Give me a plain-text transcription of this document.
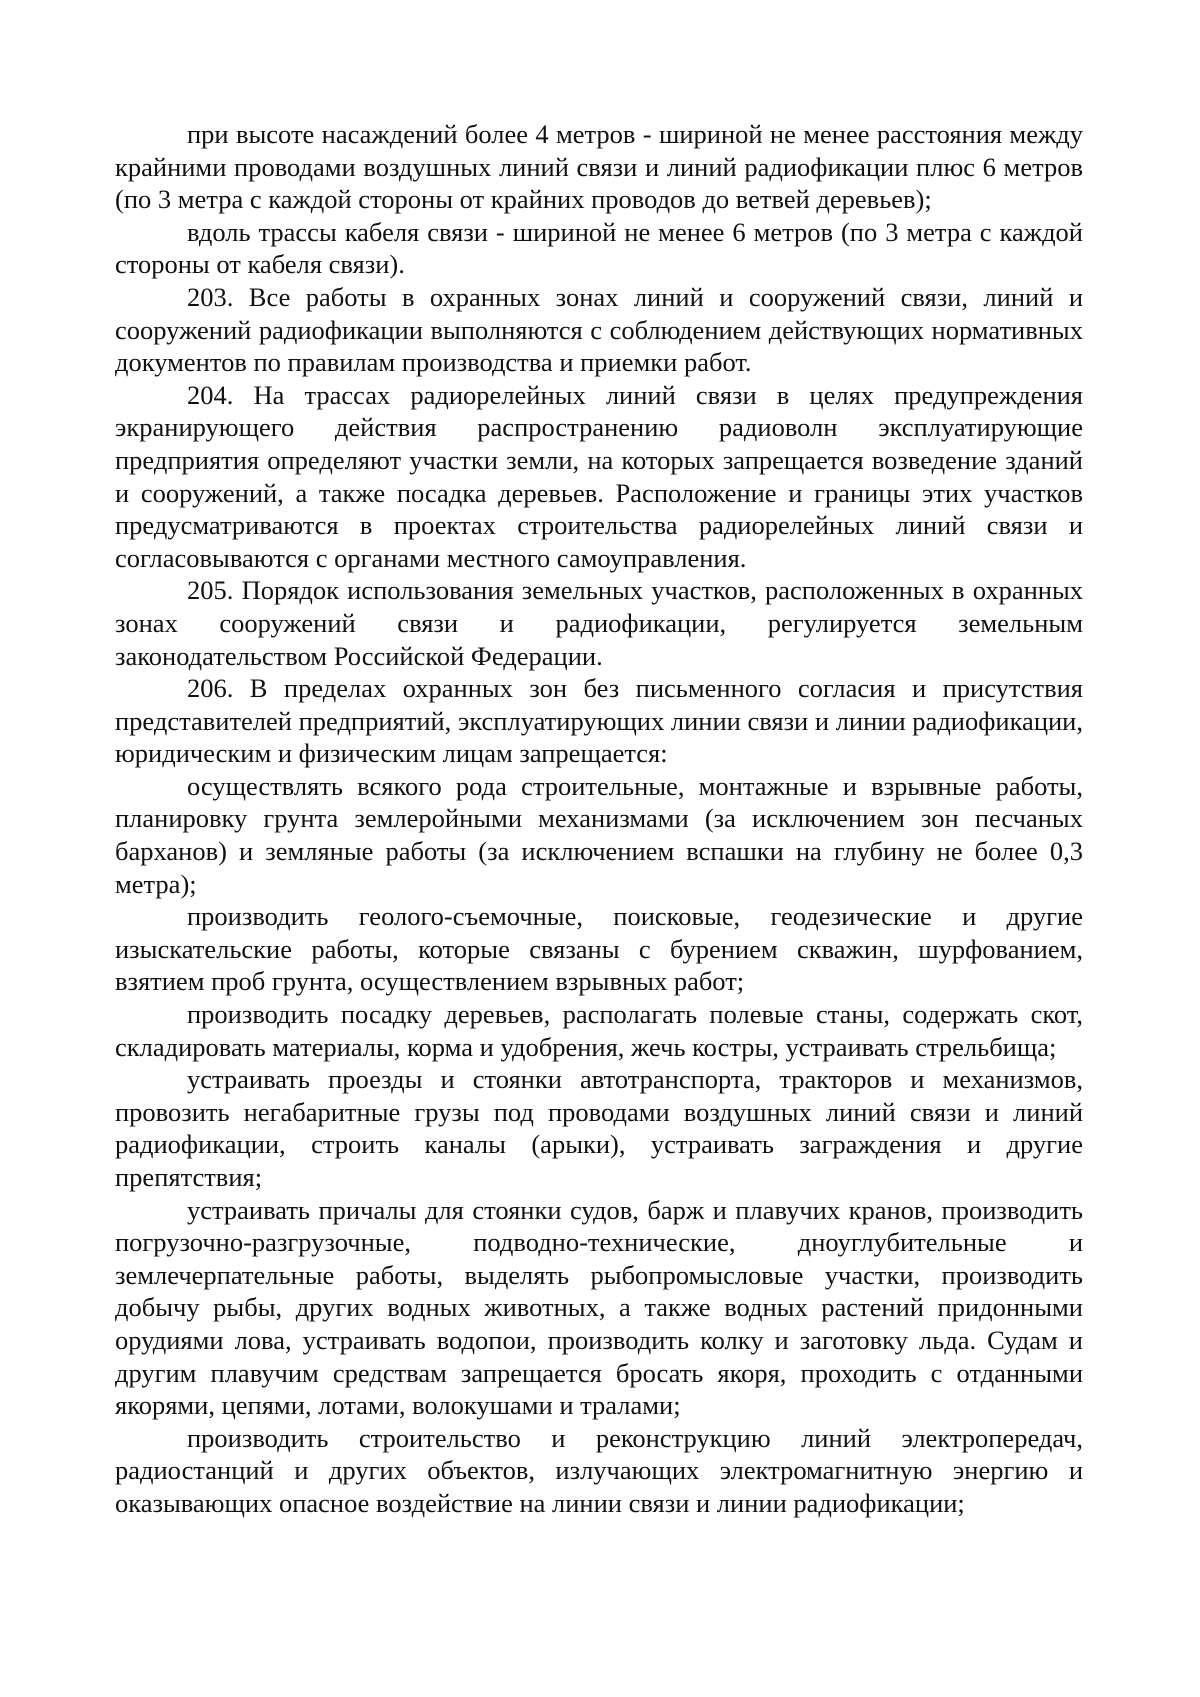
при высоте насаждений более 4 метров - шириной не менее расстояния между крайними проводами воздушных линий связи и линий радиофикации плюс 6 метров (по 3 метра с каждой стороны от крайних проводов до ветвей деревьев);

вдоль трассы кабеля связи - шириной не менее 6 метров (по 3 метра с каждой стороны от кабеля связи).

203. Все работы в охранных зонах линий и сооружений связи, линий и сооружений радиофикации выполняются с соблюдением действующих нормативных документов по правилам производства и приемки работ.

204. На трассах радиорелейных линий связи в целях предупреждения экранирующего действия распространению радиоволн эксплуатирующие предприятия определяют участки земли, на которых запрещается возведение зданий и сооружений, а также посадка деревьев. Расположение и границы этих участков предусматриваются в проектах строительства радиорелейных линий связи и согласовываются с органами местного самоуправления.

205. Порядок использования земельных участков, расположенных в охранных зонах сооружений связи и радиофикации, регулируется земельным законодательством Российской Федерации.

206. В пределах охранных зон без письменного согласия и присутствия представителей предприятий, эксплуатирующих линии связи и линии радиофикации, юридическим и физическим лицам запрещается:

осуществлять всякого рода строительные, монтажные и взрывные работы, планировку грунта землеройными механизмами (за исключением зон песчаных барханов) и земляные работы (за исключением вспашки на глубину не более 0,3 метра);

производить геолого-съемочные, поисковые, геодезические и другие изыскательские работы, которые связаны с бурением скважин, шурфованием, взятием проб грунта, осуществлением взрывных работ;

производить посадку деревьев, располагать полевые станы, содержать скот, складировать материалы, корма и удобрения, жечь костры, устраивать стрельбища;

устраивать проезды и стоянки автотранспорта, тракторов и механизмов, провозить негабаритные грузы под проводами воздушных линий связи и линий радиофикации, строить каналы (арыки), устраивать заграждения и другие препятствия;

устраивать причалы для стоянки судов, барж и плавучих кранов, производить погрузочно-разгрузочные, подводно-технические, дноуглубительные и землечерпательные работы, выделять рыбопромысловые участки, производить добычу рыбы, других водных животных, а также водных растений придонными орудиями лова, устраивать водопои, производить колку и заготовку льда. Судам и другим плавучим средствам запрещается бросать якоря, проходить с отданными якорями, цепями, лотами, волокушами и тралами;

производить строительство и реконструкцию линий электропередач, радиостанций и других объектов, излучающих электромагнитную энергию и оказывающих опасное воздействие на линии связи и линии радиофикации;
